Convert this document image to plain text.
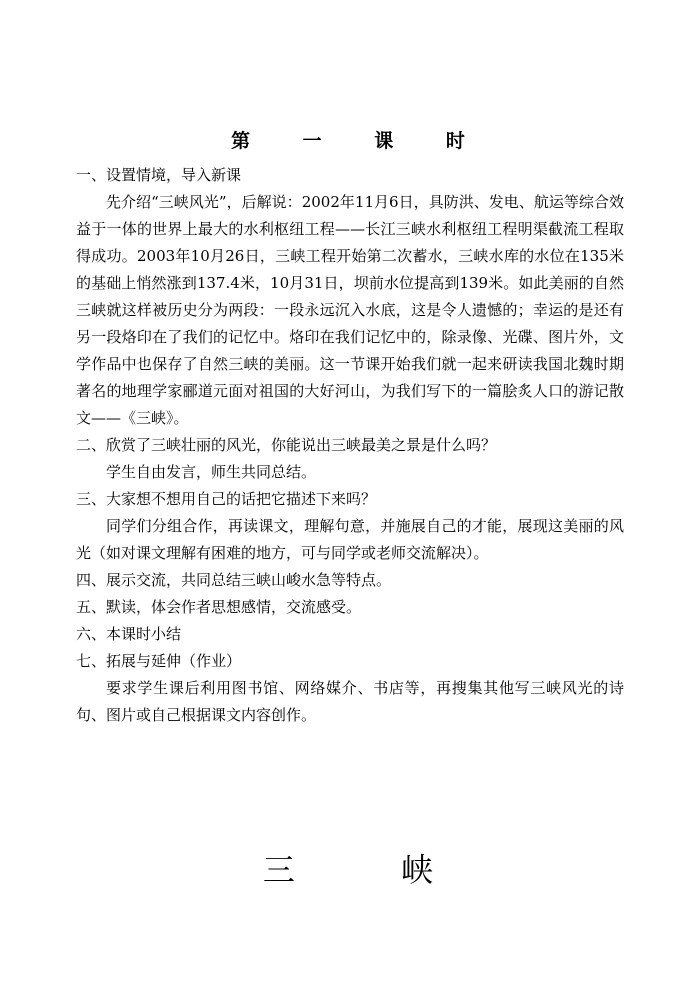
第 一 课 时

一、设置情境，导入新课

先介绍“三峡风光”，后解说：2002年11月6日，具防洪、发电、航运等综合效益于一体的世界上最大的水利枢纽工程——长江三峡水利枢纽工程明渠截流工程取得成功。2003年10月26日，三峡工程开始第二次蓄水，三峡水库的水位在135米的基础上悄然涨到137.4米，10月31日，坝前水位提高到139米。如此美丽的自然三峡就这样被历史分为两段：一段永远沉入水底，这是令人遗憾的；幸运的是还有另一段烙印在了我们的记忆中。烙印在我们记忆中的，除录像、光碟、图片外，文学作品中也保存了自然三峡的美丽。这一节课开始我们就一起来研读我国北魏时期著名的地理学家郦道元面对祖国的大好河山，为我们写下的一篇脍炙人口的游记散文——《三峡》。

二、欣赏了三峡壮丽的风光，你能说出三峡最美之景是什么吗？

学生自由发言，师生共同总结。

三、大家想不想用自己的话把它描述下来吗？

同学们分组合作，再读课文，理解句意，并施展自己的才能，展现这美丽的风光（如对课文理解有困难的地方，可与同学或老师交流解决）。

四、展示交流，共同总结三峡山峻水急等特点。

五、默读，体会作者思想感情，交流感受。

六、本课时小结

七、拓展与延伸（作业）

要求学生课后利用图书馆、网络媒介、书店等，再搜集其他写三峡风光的诗句、图片或自己根据课文内容创作。

三 峡
